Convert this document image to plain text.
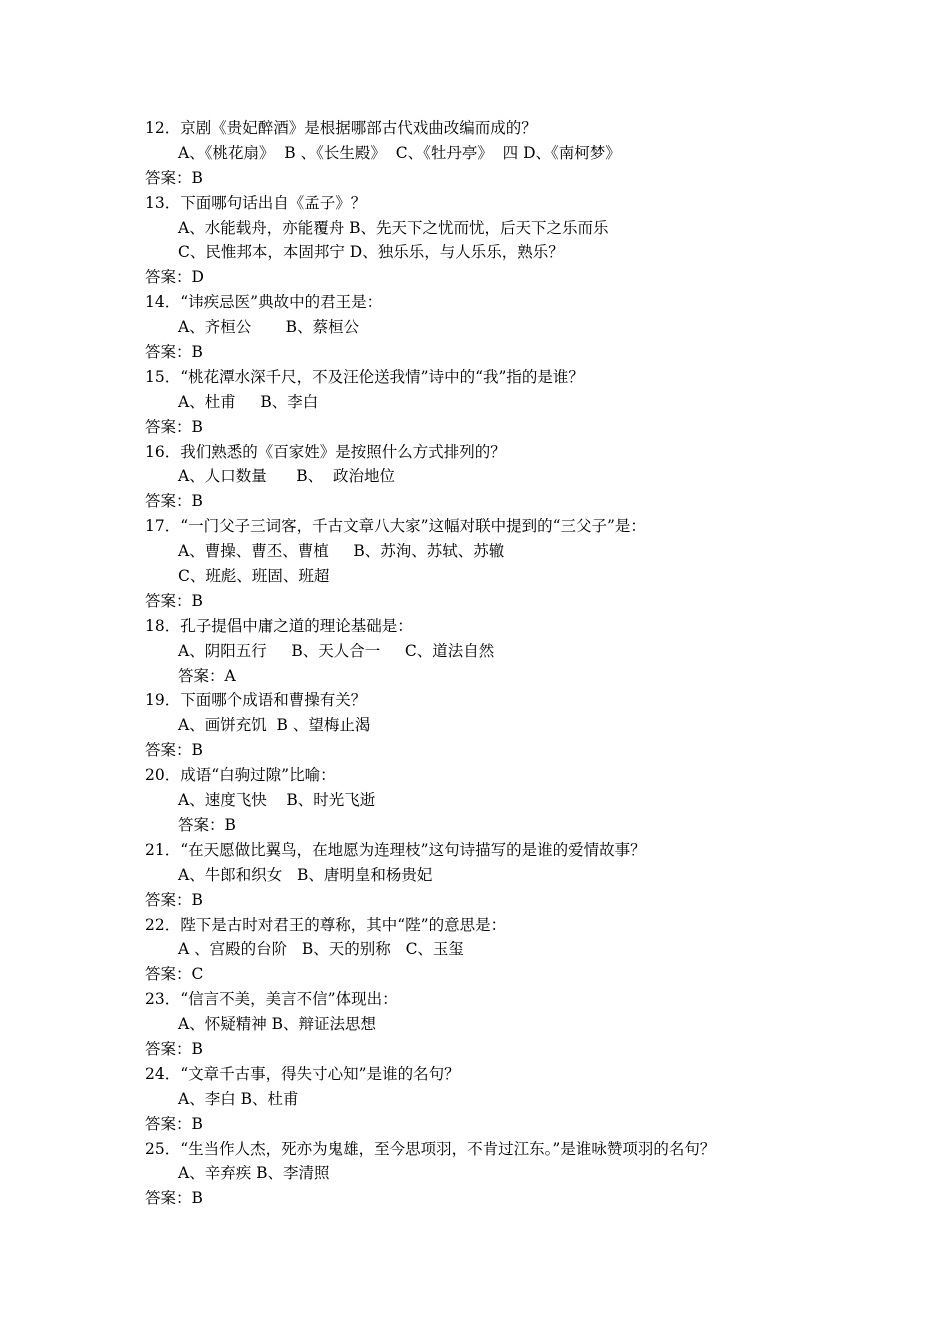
12．京剧《贵妃醉酒》是根据哪部古代戏曲改编而成的？
A、《桃花扇》  B 、《长生殿》  C、《牡丹亭》  四 D、《南柯梦》
答案：B
13．下面哪句话出自《孟子》？
A、水能载舟，亦能覆舟 B、先天下之忧而忧，后天下之乐而乐
C、民惟邦本，本固邦宁 D、独乐乐，与人乐乐，熟乐？
答案：D
14．“讳疾忌医”典故中的君王是：
A、齐桓公       B、蔡桓公
答案：B
15．“桃花潭水深千尺，不及汪伦送我情”诗中的“我”指的是谁？
A、杜甫     B、李白
答案：B
16．我们熟悉的《百家姓》是按照什么方式排列的？
A、人口数量      B、  政治地位
答案：B
17．“一门父子三词客，千古文章八大家”这幅对联中提到的“三父子”是：
A、曹操、曹丕、曹植     B、苏洵、苏轼、苏辙
C、班彪、班固、班超
答案：B
18．孔子提倡中庸之道的理论基础是：
A、阴阳五行     B、天人合一     C、道法自然
答案：A
19．下面哪个成语和曹操有关？
A、画饼充饥  B 、望梅止渴
答案：B
20．成语“白驹过隙”比喻：
A、速度飞快    B、时光飞逝
答案：B
21．“在天愿做比翼鸟，在地愿为连理枝”这句诗描写的是谁的爱情故事？
A、牛郎和织女   B、唐明皇和杨贵妃
答案：B
22．陛下是古时对君王的尊称，其中“陛”的意思是：
A 、宫殿的台阶   B、天的别称   C、玉玺
答案：C
23．“信言不美，美言不信”体现出：
A、怀疑精神 B、辩证法思想
答案：B
24．“文章千古事，得失寸心知”是谁的名句？
A、李白 B、杜甫
答案：B
25．“生当作人杰，死亦为鬼雄，至今思项羽，不肯过江东。”是谁咏赞项羽的名句？
A、辛弃疾 B、李清照
答案：B
